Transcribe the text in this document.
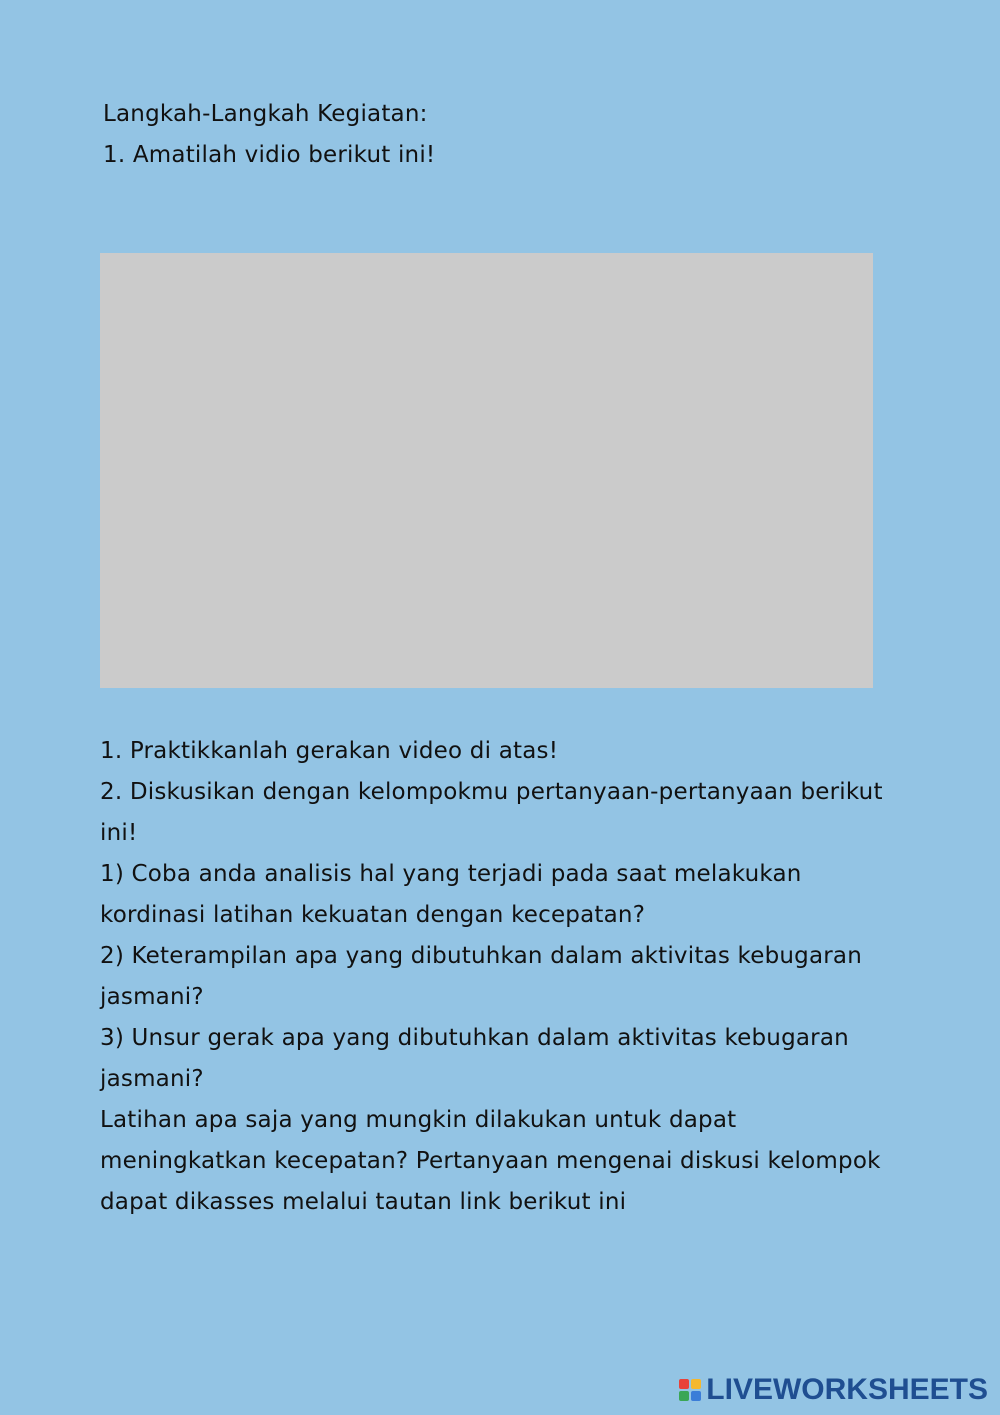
Langkah-Langkah Kegiatan:
1. Amatilah vidio berikut ini!
1. Praktikkanlah gerakan video di atas!
2. Diskusikan dengan kelompokmu pertanyaan-pertanyaan berikut
ini!
1) Coba anda analisis hal yang terjadi pada saat melakukan
kordinasi latihan kekuatan dengan kecepatan?
2) Keterampilan apa yang dibutuhkan dalam aktivitas kebugaran
jasmani?
3) Unsur gerak apa yang dibutuhkan dalam aktivitas kebugaran
jasmani?
Latihan apa saja yang mungkin dilakukan untuk dapat
meningkatkan kecepatan? Pertanyaan mengenai diskusi kelompok
dapat dikasses melalui tautan link berikut ini
LIVEWORKSHEETS
